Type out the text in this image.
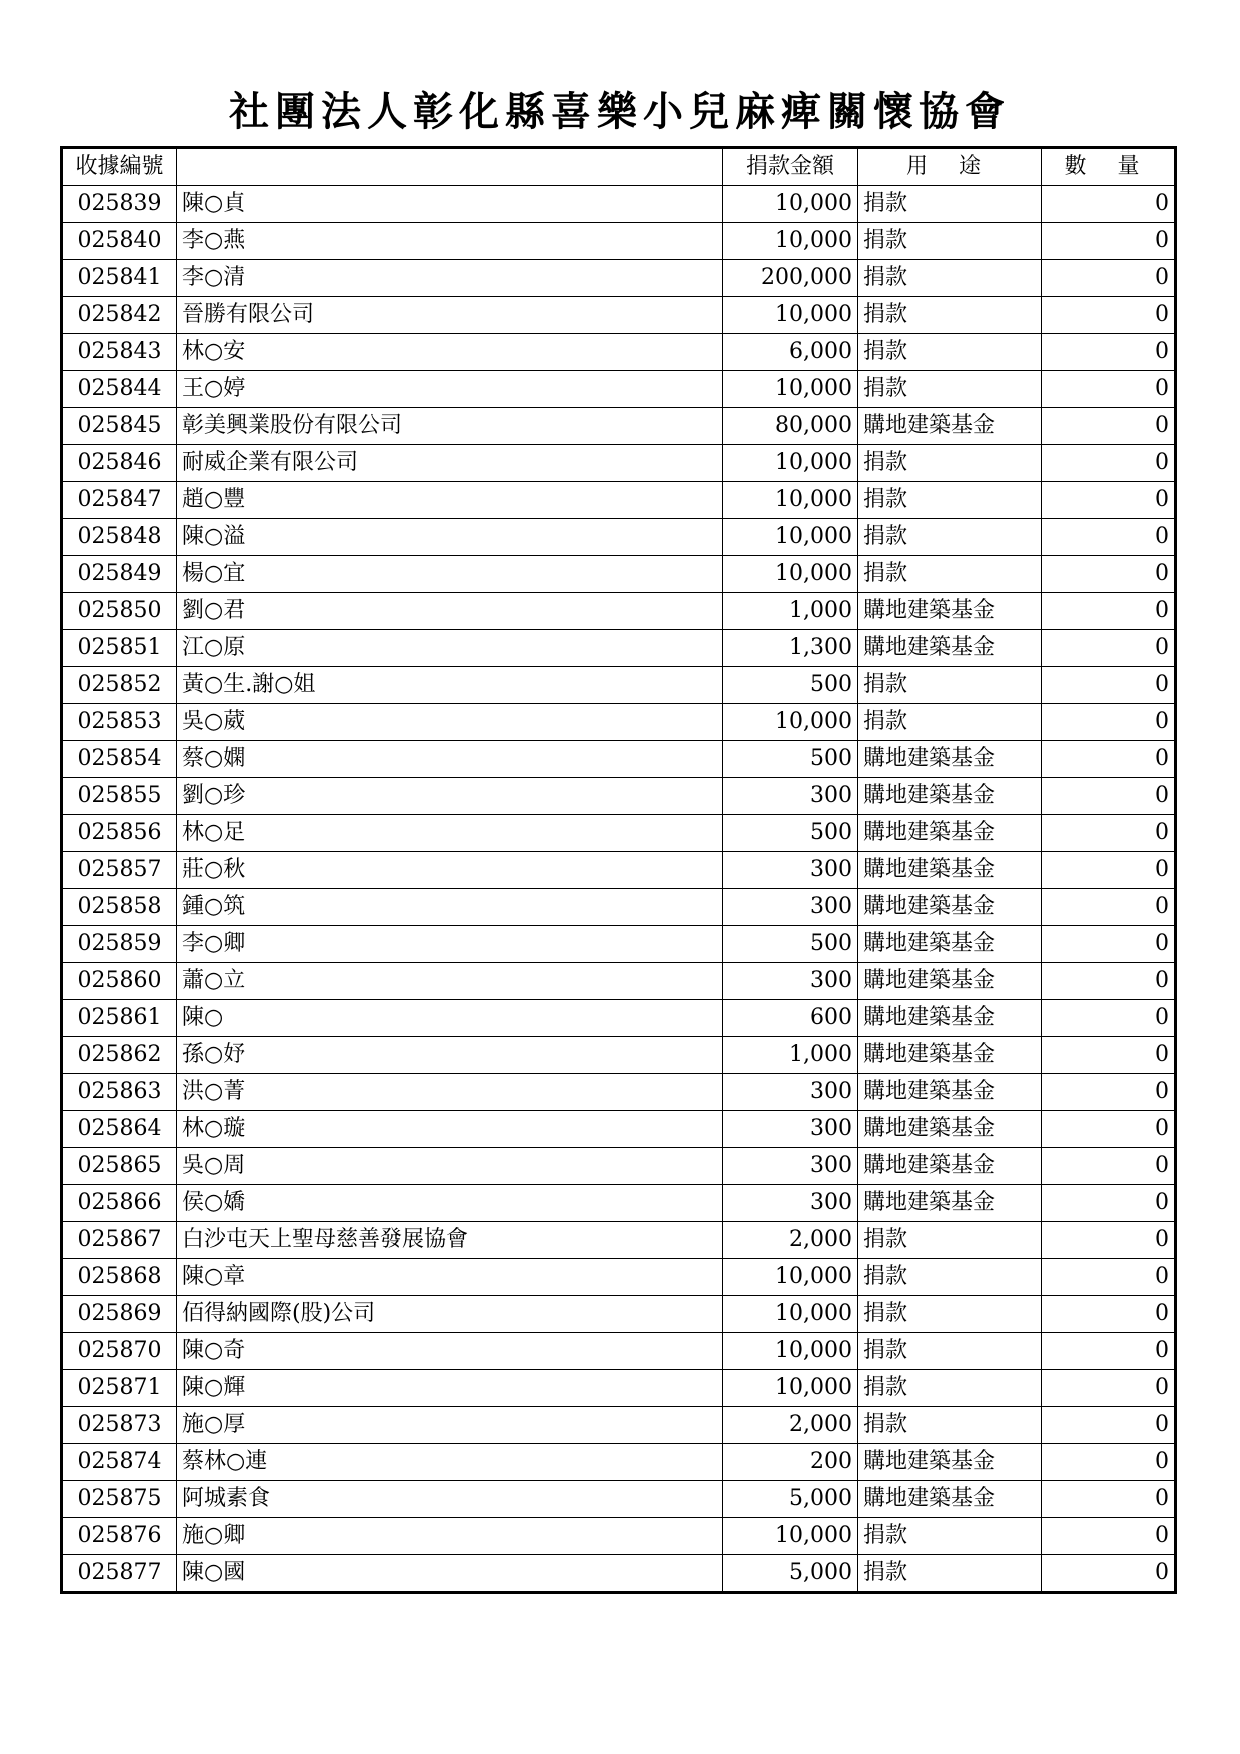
社團法人彰化縣喜樂小兒麻痺關懷協會
收據編號		捐款金額	用 途	數 量
025839	陳○貞	10,000	捐款	0
025840	李○燕	10,000	捐款	0
025841	李○清	200,000	捐款	0
025842	晉勝有限公司	10,000	捐款	0
025843	林○安	6,000	捐款	0
025844	王○婷	10,000	捐款	0
025845	彰美興業股份有限公司	80,000	購地建築基金	0
025846	耐威企業有限公司	10,000	捐款	0
025847	趙○豐	10,000	捐款	0
025848	陳○溢	10,000	捐款	0
025849	楊○宜	10,000	捐款	0
025850	劉○君	1,000	購地建築基金	0
025851	江○原	1,300	購地建築基金	0
025852	黃○生.謝○姐	500	捐款	0
025853	吳○葳	10,000	捐款	0
025854	蔡○嫻	500	購地建築基金	0
025855	劉○珍	300	購地建築基金	0
025856	林○足	500	購地建築基金	0
025857	莊○秋	300	購地建築基金	0
025858	鍾○筑	300	購地建築基金	0
025859	李○卿	500	購地建築基金	0
025860	蕭○立	300	購地建築基金	0
025861	陳○	600	購地建築基金	0
025862	孫○妤	1,000	購地建築基金	0
025863	洪○菁	300	購地建築基金	0
025864	林○璇	300	購地建築基金	0
025865	吳○周	300	購地建築基金	0
025866	侯○嬌	300	購地建築基金	0
025867	白沙屯天上聖母慈善發展協會	2,000	捐款	0
025868	陳○章	10,000	捐款	0
025869	佰得納國際(股)公司	10,000	捐款	0
025870	陳○奇	10,000	捐款	0
025871	陳○輝	10,000	捐款	0
025873	施○厚	2,000	捐款	0
025874	蔡林○連	200	購地建築基金	0
025875	阿城素食	5,000	購地建築基金	0
025876	施○卿	10,000	捐款	0
025877	陳○國	5,000	捐款	0
